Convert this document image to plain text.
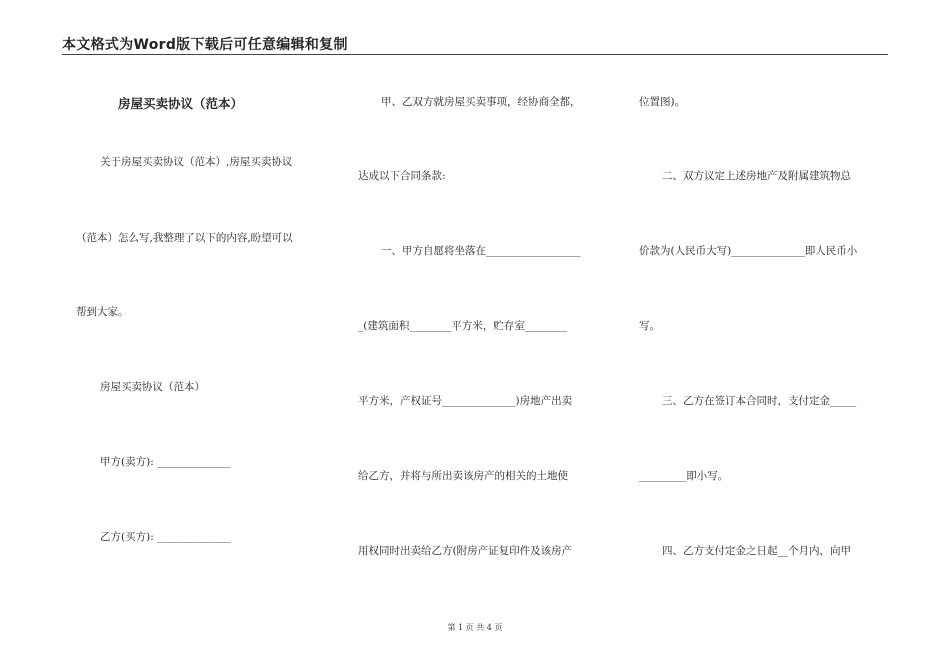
本文格式为Word版下载后可任意编辑和复制
房屋买卖协议（范本）
关于房屋买卖协议（范本）,房屋买卖协议
（范本）怎么写,我整理了以下的内容,盼望可以
帮到大家。
房屋买卖协议（范本）
甲方(卖方): ______________
乙方(买方): ______________
甲、乙双方就房屋买卖事项，经协商全都，
达成以下合同条款:
一、甲方自愿将坐落在__________________
_(建筑面积________平方米，贮存室________
平方米，产权证号______________)房地产出卖
给乙方，并将与所出卖该房产的相关的土地使
用权同时出卖给乙方(附房产证复印件及该房产
位置图)。
二、双方议定上述房地产及附属建筑物总
价款为(人民币大写)______________即人民币小
写。
三、乙方在签订本合同时，支付定金_____
_________即小写。
四、乙方支付定金之日起__个月内，向甲
第 1 页 共 4 页
